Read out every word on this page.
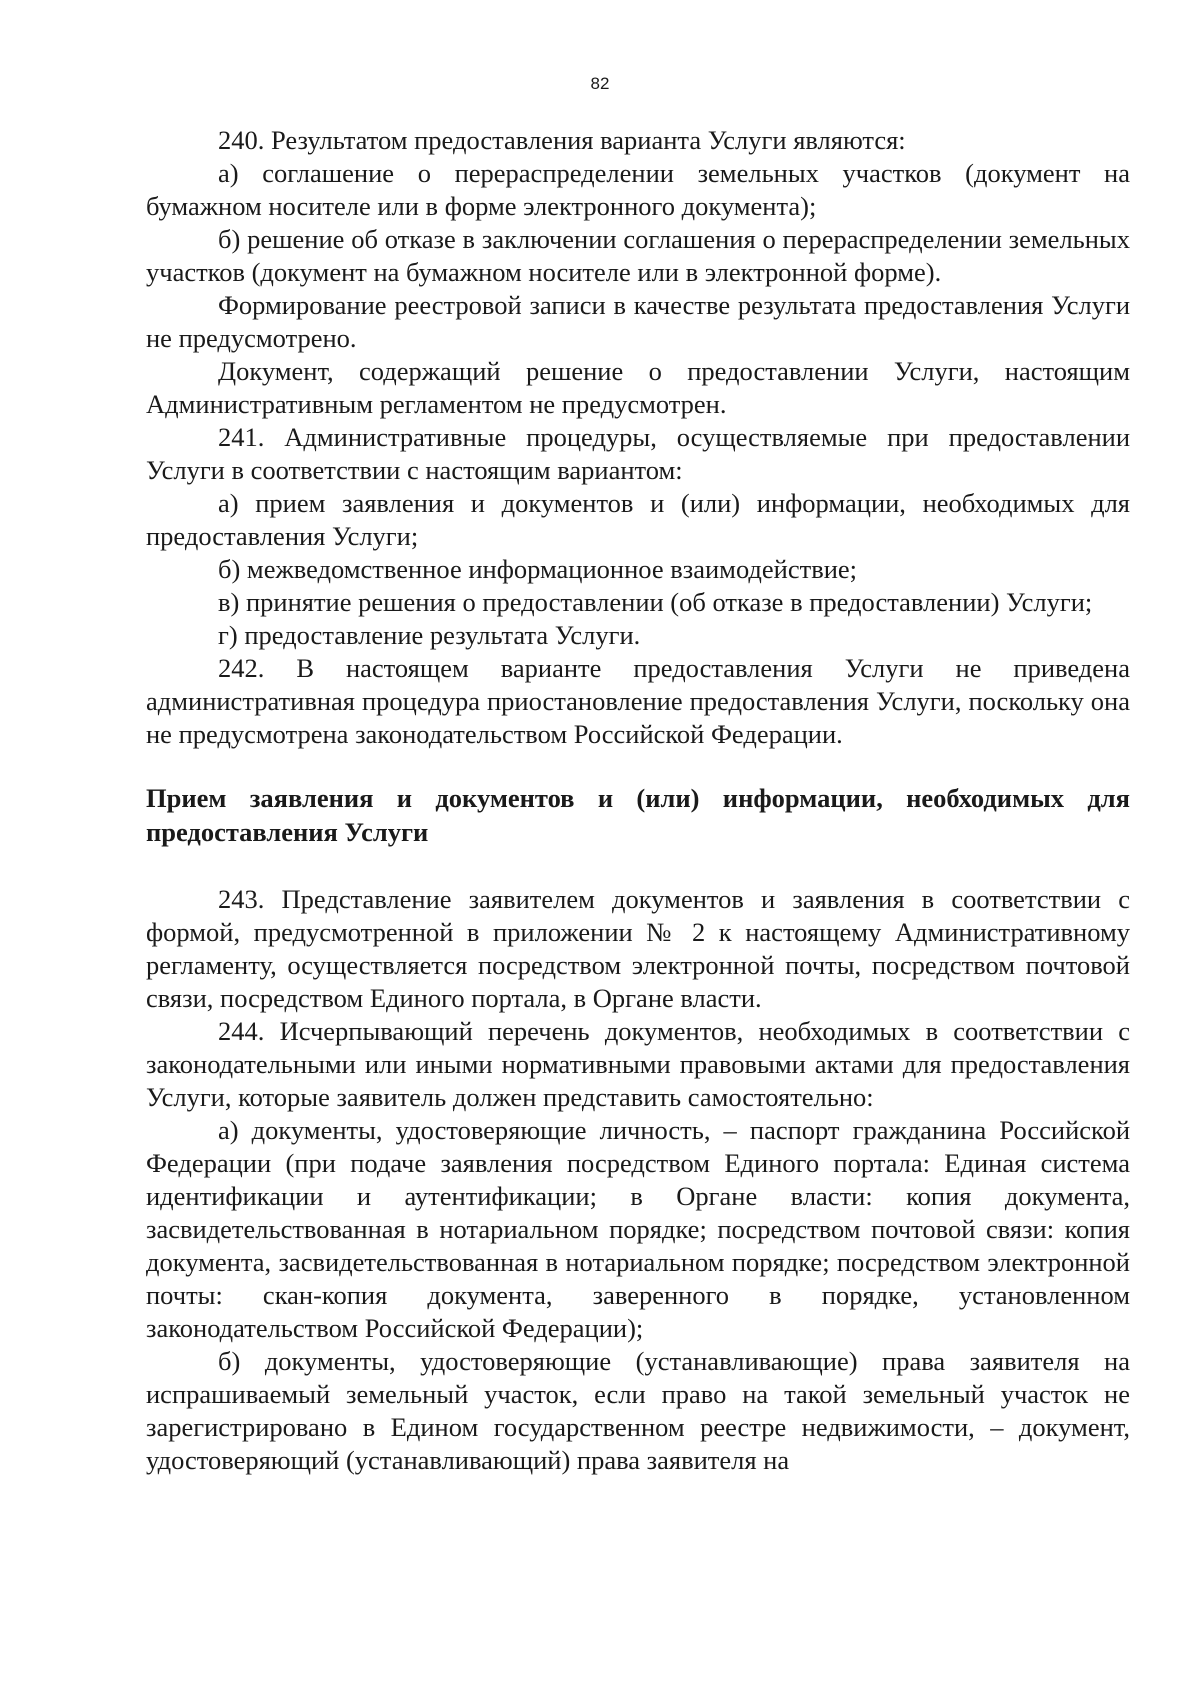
82

240. Результатом предоставления варианта Услуги являются:

а) соглашение о перераспределении земельных участков (документ на бумажном носителе или в форме электронного документа);

б) решение об отказе в заключении соглашения о перераспределении земельных участков (документ на бумажном носителе или в электронной форме).

Формирование реестровой записи в качестве результата предоставления Услуги не предусмотрено.

Документ, содержащий решение о предоставлении Услуги, настоящим Административным регламентом не предусмотрен.

241. Административные процедуры, осуществляемые при предоставлении Услуги в соответствии с настоящим вариантом:

а) прием заявления и документов и (или) информации, необходимых для предоставления Услуги;

б) межведомственное информационное взаимодействие;

в) принятие решения о предоставлении (об отказе в предоставлении) Услуги;

г) предоставление результата Услуги.

242. В настоящем варианте предоставления Услуги не приведена административная процедура приостановление предоставления Услуги, поскольку она не предусмотрена законодательством Российской Федерации.

Прием заявления и документов и (или) информации, необходимых для предоставления Услуги

243. Представление заявителем документов и заявления в соответствии с формой, предусмотренной в приложении № 2 к настоящему Административному регламенту, осуществляется посредством электронной почты, посредством почтовой связи, посредством Единого портала, в Органе власти.

244. Исчерпывающий перечень документов, необходимых в соответствии с законодательными или иными нормативными правовыми актами для предоставления Услуги, которые заявитель должен представить самостоятельно:

а) документы, удостоверяющие личность, – паспорт гражданина Российской Федерации (при подаче заявления посредством Единого портала: Единая система идентификации и аутентификации; в Органе власти: копия документа, засвидетельствованная в нотариальном порядке; посредством почтовой связи: копия документа, засвидетельствованная в нотариальном порядке; посредством электронной почты: скан-копия документа, заверенного в порядке, установленном законодательством Российской Федерации);

б) документы, удостоверяющие (устанавливающие) права заявителя на испрашиваемый земельный участок, если право на такой земельный участок не зарегистрировано в Едином государственном реестре недвижимости, – документ, удостоверяющий (устанавливающий) права заявителя на
